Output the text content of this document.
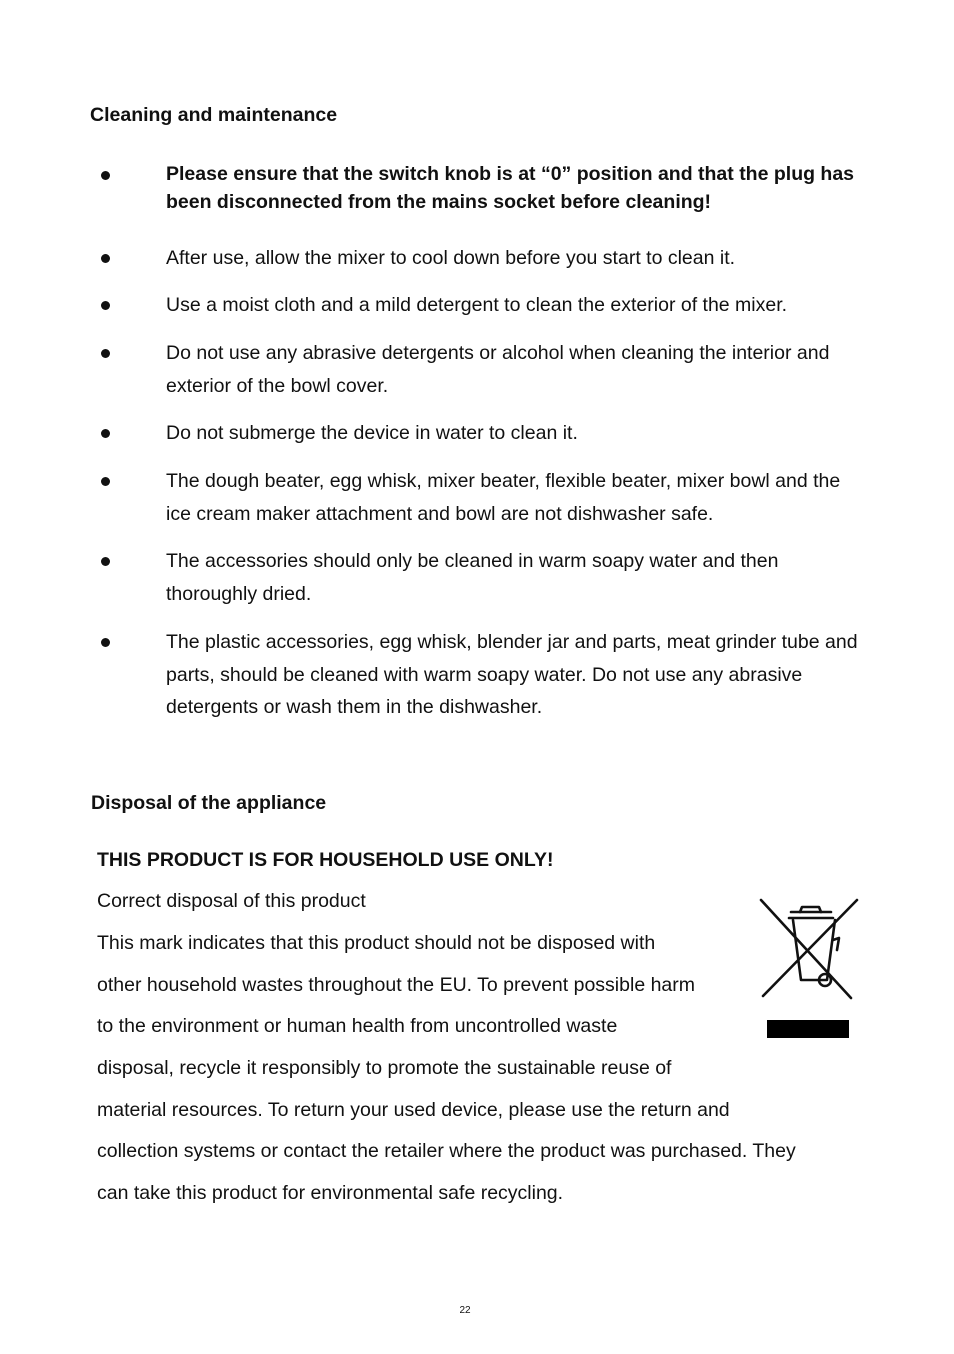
Cleaning and maintenance
Please ensure that the switch knob is at “0” position and that the plug has been disconnected from the mains socket before cleaning!
After use, allow the mixer to cool down before you start to clean it.
Use a moist cloth and a mild detergent to clean the exterior of the mixer.
Do not use any abrasive detergents or alcohol when cleaning the interior and exterior of the bowl cover.
Do not submerge the device in water to clean it.
The dough beater, egg whisk, mixer beater, flexible beater, mixer bowl and the ice cream maker attachment and bowl are not dishwasher safe.
The accessories should only be cleaned in warm soapy water and then thoroughly dried.
The plastic accessories, egg whisk, blender jar and parts, meat grinder tube and parts, should be cleaned with warm soapy water. Do not use any abrasive detergents or wash them in the dishwasher.
Disposal of the appliance
THIS PRODUCT IS FOR HOUSEHOLD USE ONLY!
Correct disposal of this product
This mark indicates that this product should not be disposed with
other household wastes throughout the EU. To prevent possible harm
to the environment or human health from uncontrolled waste
disposal, recycle it responsibly to promote the sustainable reuse of
material resources. To return your used device, please use the return and
collection systems or contact the retailer where the product was purchased. They
can take this product for environmental safe recycling.
22
